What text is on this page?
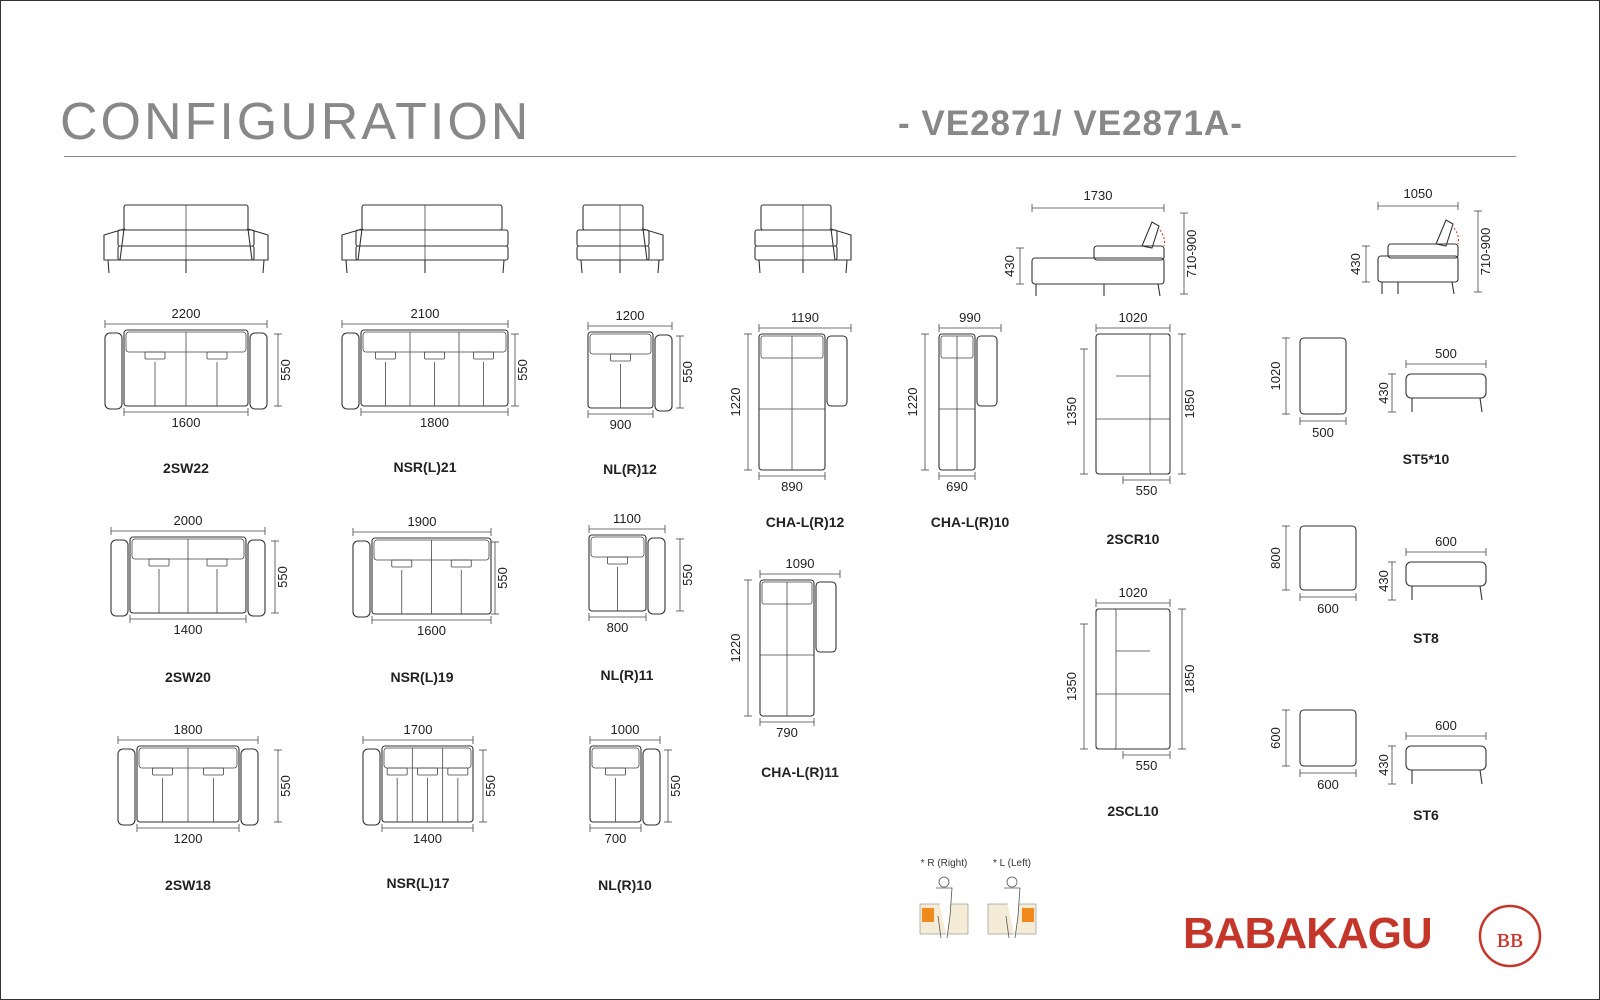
CONFIGURATION	- VE2871/ VE2871A-
2200
1600
550
2SW22
2100
1800
550
NSR(L)21
1200
900
550
NL(R)12
2000
1400
550
2SW20
1900
1600
550
NSR(L)19
1100
800
550
NL(R)11
1800
1200
550
2SW18
1700
1400
550
NSR(L)17
1000
700
550
NL(R)10
1190
890
1220
CHA-L(R)12
990
690
1220
CHA-L(R)10
1090
790
1220
CHA-L(R)11
1020
1350	1850
550
2SCR10
1020
1350	1850
550
2SCL10
1020
500
500
430
ST5*10
800
600
600
430
ST8
600
600
600
430
ST6
1730
430	710-900
1050
430	710-900
* R (Right)	* L (Left)
ʙʙ
BABAKAGU
